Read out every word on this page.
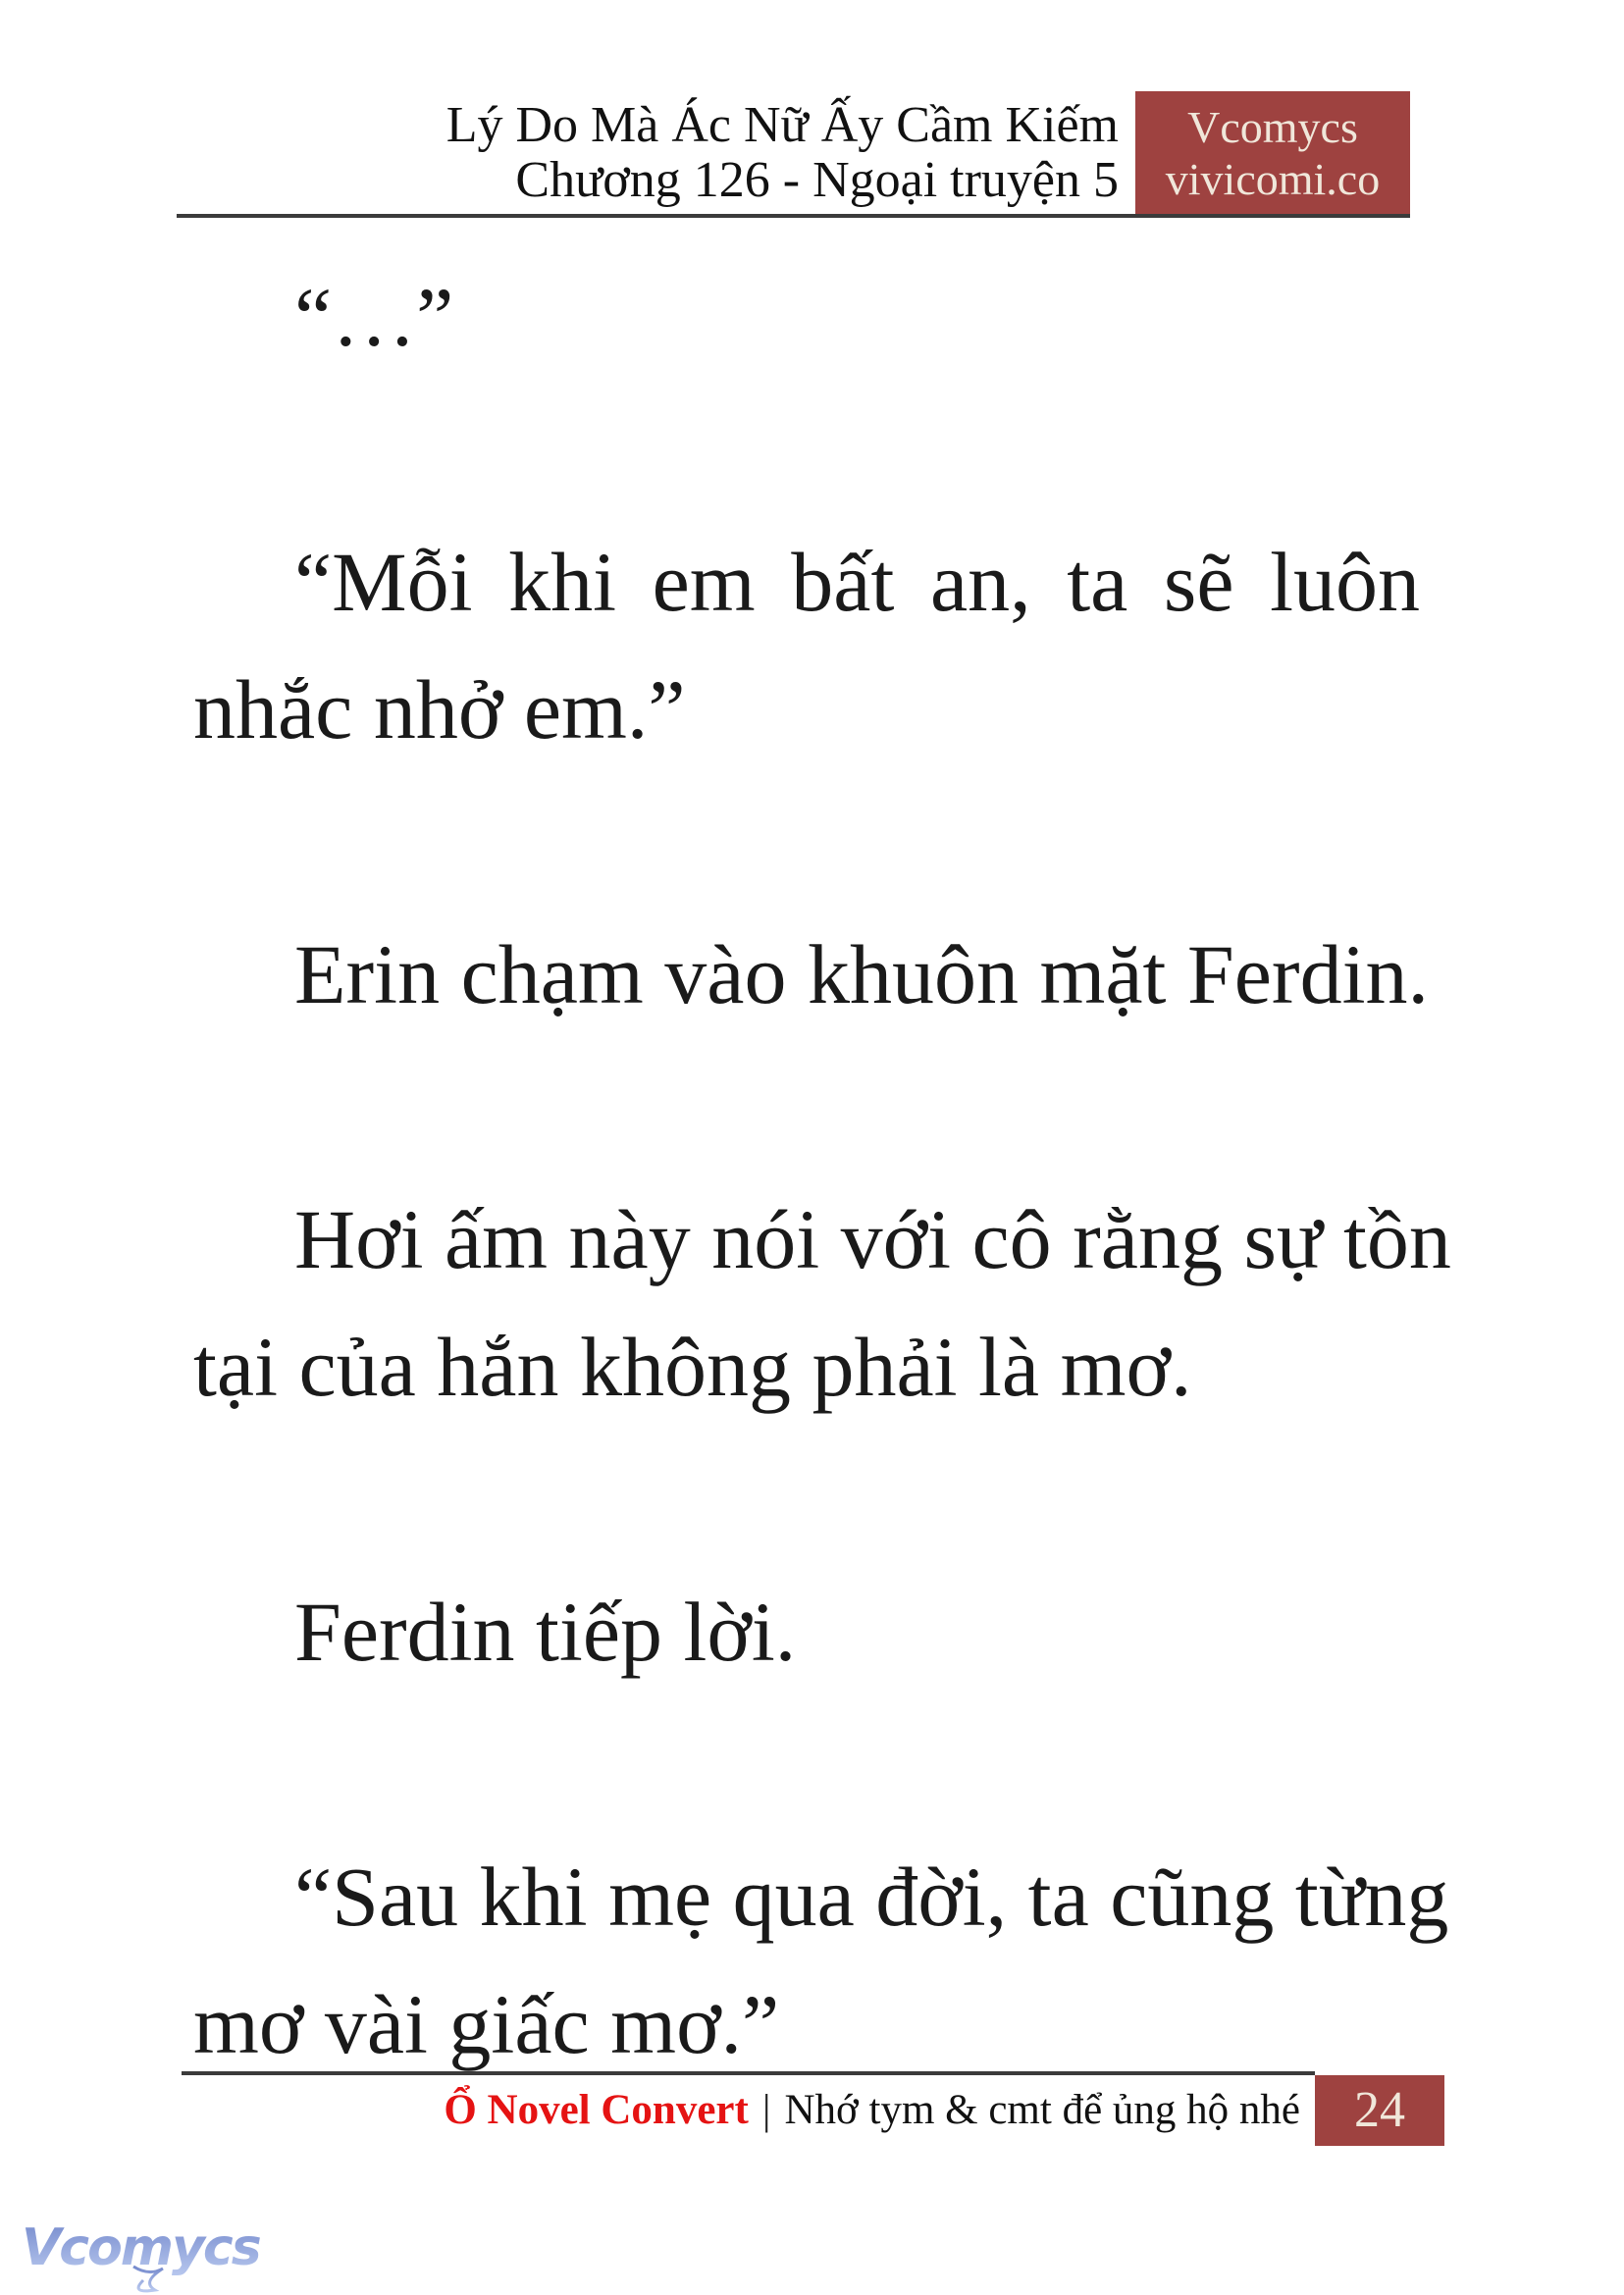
Lý Do Mà Ác Nữ Ấy Cầm Kiếm
Chương 126 - Ngoại truyện 5
Vcomycs
vivicomi.co

“…”

“Mỗi khi em bất an, ta sẽ luôn
nhắc nhở em.”

Erin chạm vào khuôn mặt Ferdin.

Hơi ấm này nói với cô rằng sự tồn
tại của hắn không phải là mơ.

Ferdin tiếp lời.

“Sau khi mẹ qua đời, ta cũng từng
mơ vài giấc mơ.”

Ổ Novel Convert | Nhớ tym & cmt để ủng hộ nhé	24
Vcomycs
